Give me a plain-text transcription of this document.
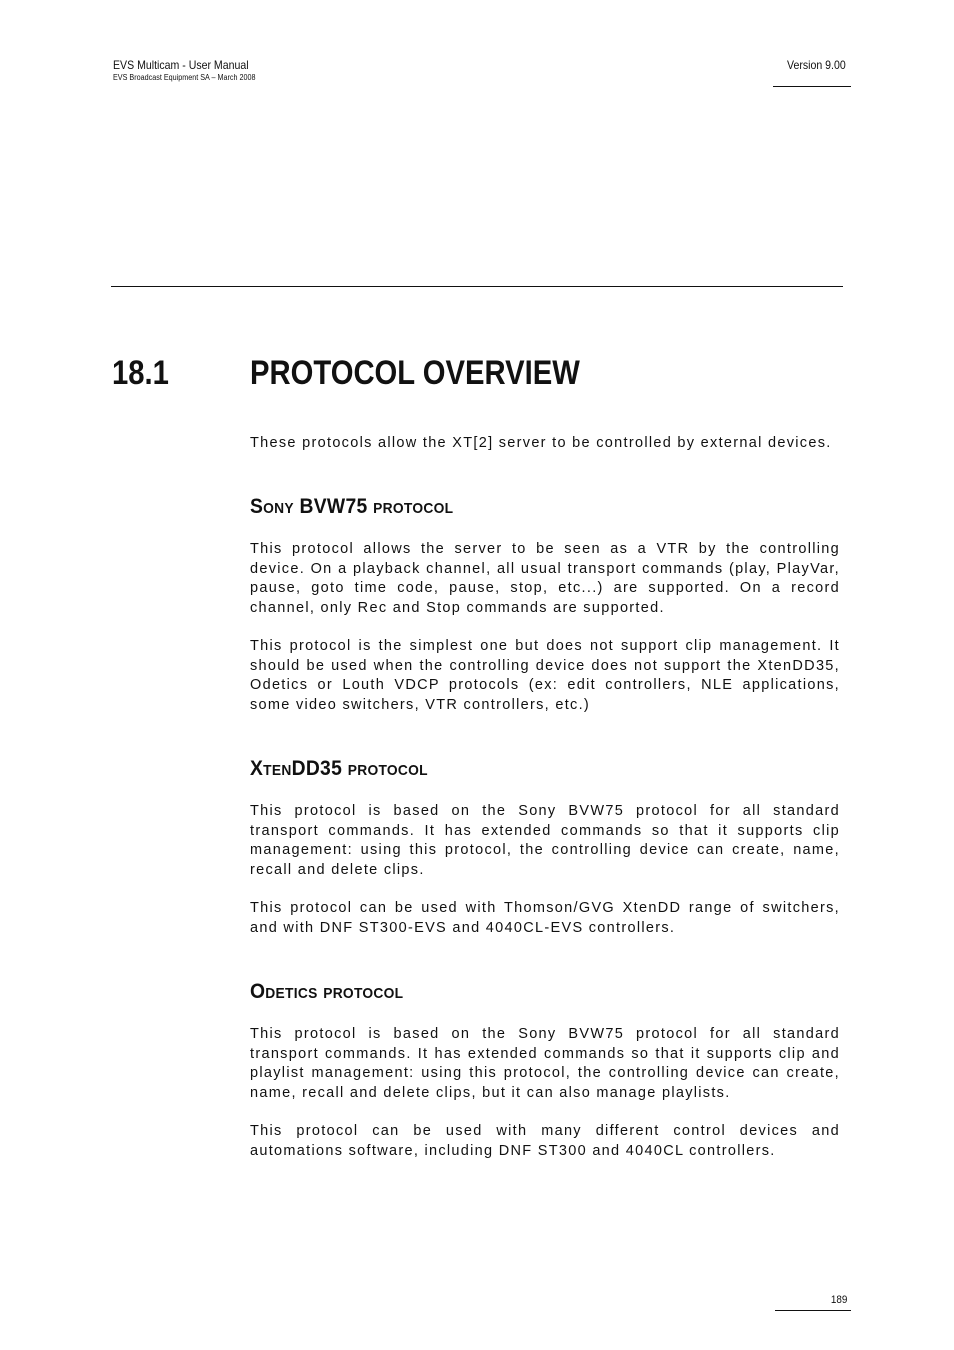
EVS Multicam - User Manual
EVS Broadcast Equipment SA – March 2008
Version 9.00
18.1 PROTOCOL OVERVIEW

These protocols allow the XT[2] server to be controlled by external devices.

Sony BVW75 protocol

This protocol allows the server to be seen as a VTR by the controlling device. On a playback channel, all usual transport commands (play, PlayVar, pause, goto time code, pause, stop, etc...) are supported. On a record channel, only Rec and Stop commands are supported.

This protocol is the simplest one but does not support clip management. It should be used when the controlling device does not support the XtenDD35, Odetics or Louth VDCP protocols (ex: edit controllers, NLE applications, some video switchers, VTR controllers, etc.)

XtenDD35 protocol

This protocol is based on the Sony BVW75 protocol for all standard transport commands. It has extended commands so that it supports clip management: using this protocol, the controlling device can create, name, recall and delete clips.

This protocol can be used with Thomson/GVG XtenDD range of switchers, and with DNF ST300-EVS and 4040CL-EVS controllers.

Odetics protocol

This protocol is based on the Sony BVW75 protocol for all standard transport commands. It has extended commands so that it supports clip and playlist management: using this protocol, the controlling device can create, name, recall and delete clips, but it can also manage playlists.

This protocol can be used with many different control devices and automations software, including DNF ST300 and 4040CL controllers.

189
